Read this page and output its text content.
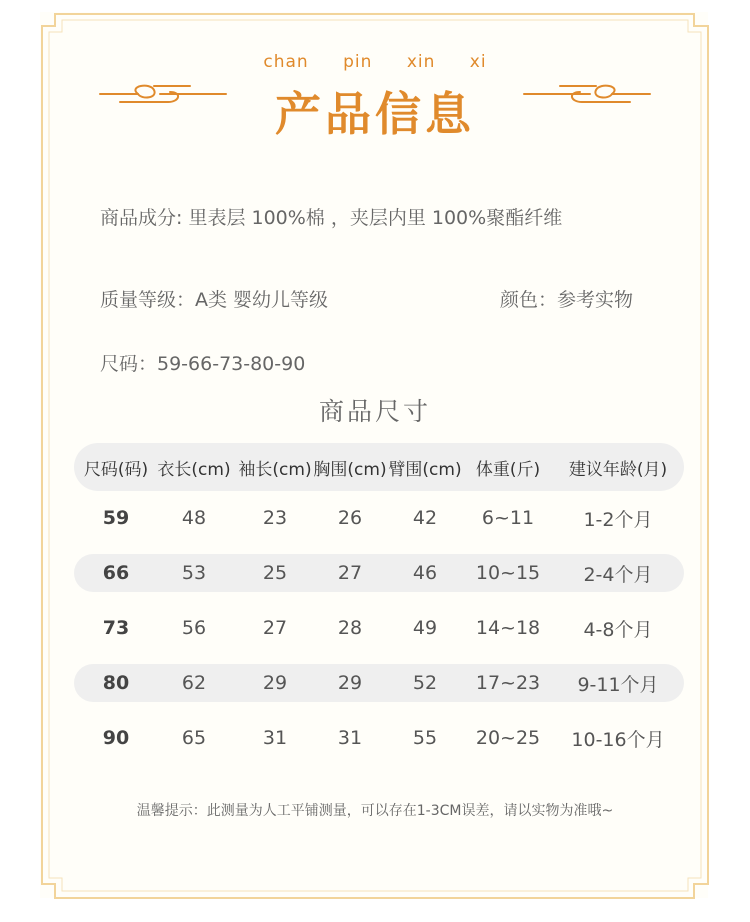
chan pin xin xi
产品信息
商品成分: 里表层 100%棉 ，夹层内里 100%聚酯纤维
质量等级：A类 婴幼儿等级	颜色：参考实物
尺码：59-66-73-80-90
商品尺寸
尺码(码) 衣长(cm) 袖长(cm) 胸围(cm) 臂围(cm) 体重(斤)	建议年龄(月)
59	48	23	26	42	6~11	1-2个月
66	53	25	27	46	10~15	2-4个月
73	56	27	28	49	14~18	4-8个月
80	62	29	29	52	17~23	9-11个月
90	65	31	31	55	20~25	10-16个月
温馨提示：此测量为人工平铺测量，可以存在1-3CM误差，请以实物为准哦~
